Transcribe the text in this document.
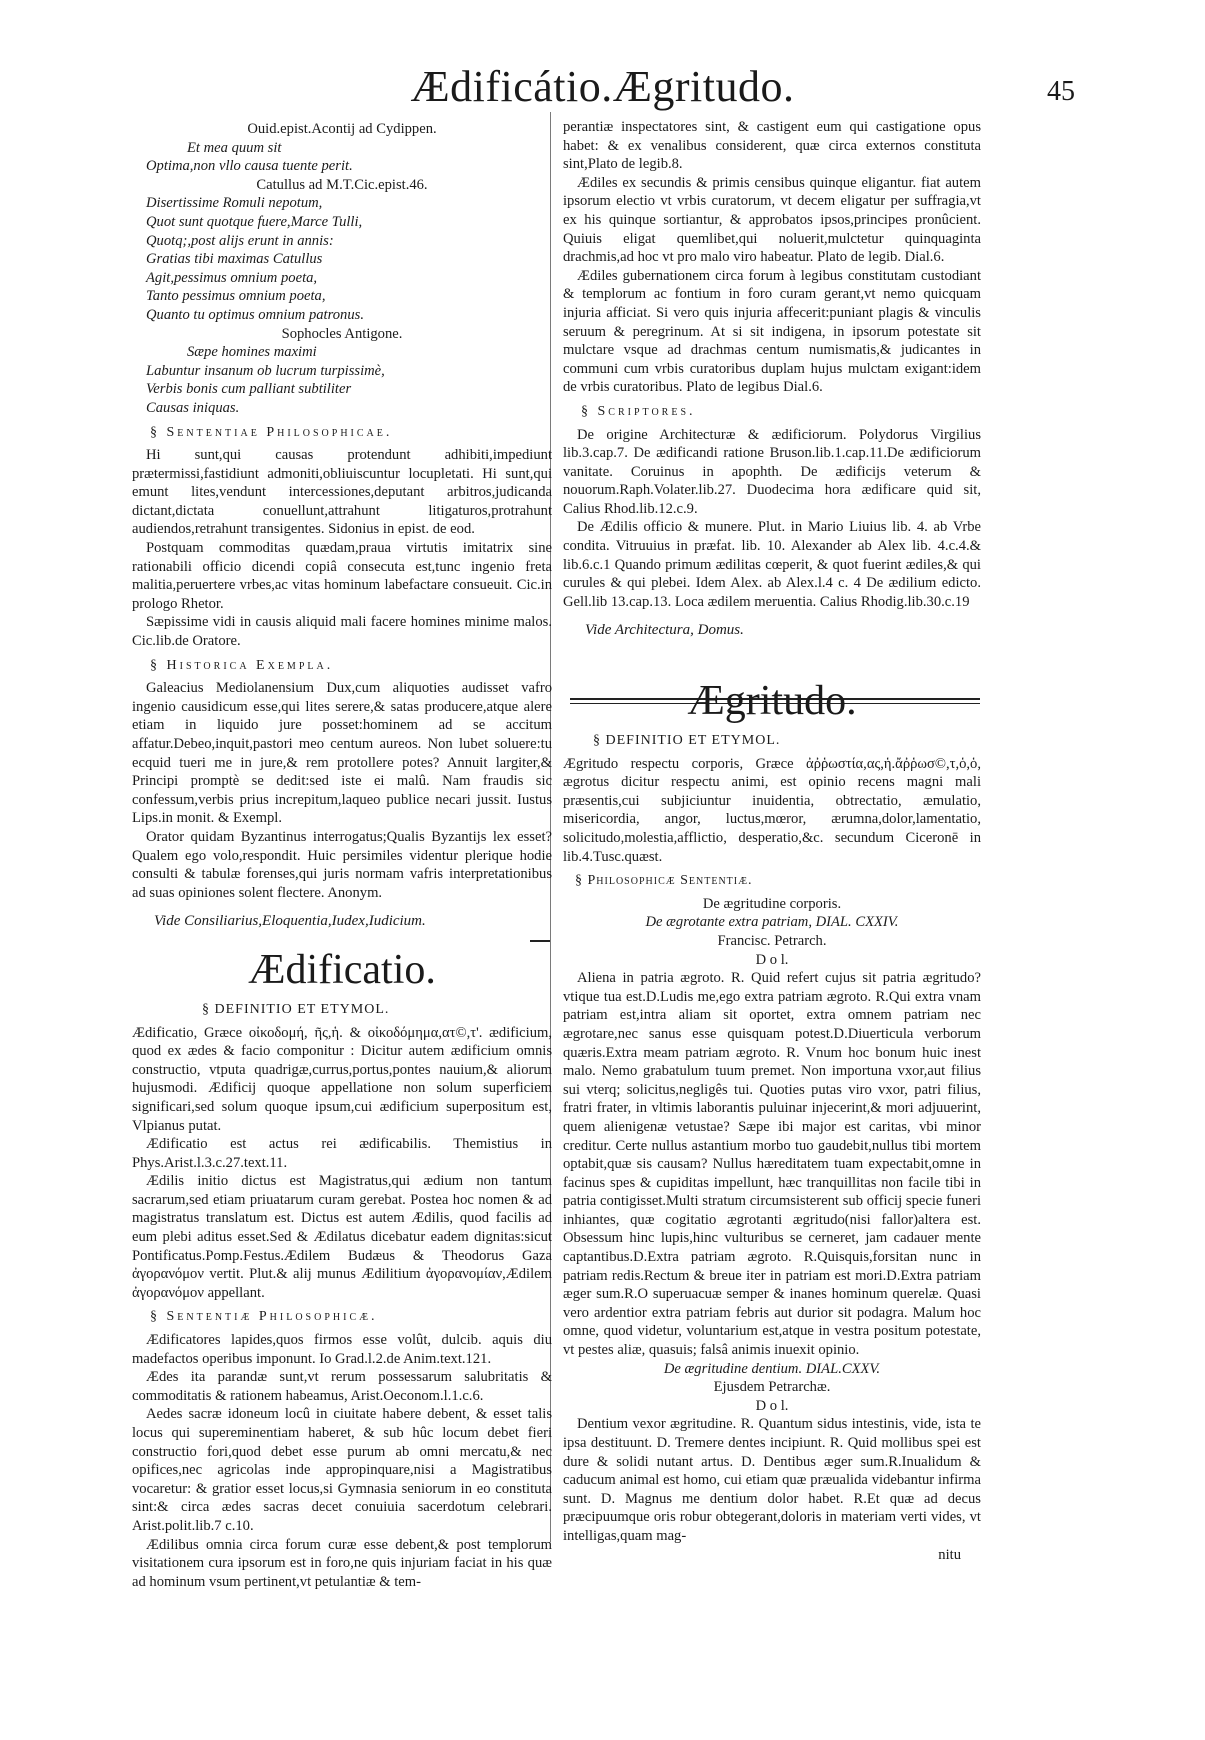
Ædificátio.Ægritudo.	45
Ouid.epist.Acontij ad Cydippen.
Et mea quum sit
Optima,non vllo causa tuente perit.
Catullus ad M.T.Cic.epist.46.
Disertissime Romuli nepotum,
Quot sunt quotque fuere,Marce Tulli,
Quotq;,post alijs erunt in annis:
Gratias tibi maximas Catullus
Agit,pessimus omnium poeta,
Tanto pessimus omnium poeta,
Quanto tu optimus omnium patronus.
Sophocles Antigone.
Sæpe homines maximi
Labuntur insanum ob lucrum turpissimè,
Verbis bonis cum palliant subtiliter
Causas iniquas.
§ Sententiae Philosophicae.

Hi sunt,qui causas protendunt adhibiti,impediunt prætermissi,fastidiunt admoniti,obliuiscuntur locupletati. Hi sunt,qui emunt lites,vendunt intercessiones,deputant arbitros,judicanda dictant,dictata conuellunt,attrahunt litigaturos,protrahunt audiendos,retrahunt transigentes. Sidonius in epist. de eod.

Postquam commoditas quædam,praua virtutis imitatrix sine rationabili officio dicendi copiâ consecuta est,tunc ingenio freta malitia,peruertere vrbes,ac vitas hominum labefactare consueuit. Cic.in prologo Rhetor.

Sæpissime vidi in causis aliquid mali facere homines minime malos. Cic.lib.de Oratore.

§ Historica Exempla.

Galeacius Mediolanensium Dux,cum aliquoties audisset vafro ingenio causidicum esse,qui lites serere,& satas producere,atque alere etiam in liquido jure posset:hominem ad se accitum affatur.Debeo,inquit,pastori meo centum aureos. Non lubet soluere:tu ecquid tueri me in jure,& rem protollere potes? Annuit largiter,& Principi promptè se dedit:sed iste ei malû. Nam fraudis sic confessum,verbis prius increpitum,laqueo publice necari jussit. Iustus Lips.in monit. & Exempl.

Orator quidam Byzantinus interrogatus;Qualis Byzantijs lex esset?Qualem ego volo,respondit. Huic persimiles videntur plerique hodie consulti & tabulæ forenses,qui juris normam vafris interpretationibus ad suas opiniones solent flectere. Anonym.

Vide Consiliarius,Eloquentia,Iudex,Iudicium.
Ædificatio.
§ DEFINITIO ET ETYMOL.

Ædificatio, Græce οἰκοδομή, ῆς,ἡ. & οἰκοδόμημα,ατ©,τ'. ædificium, quod ex ædes & facio componitur : Dicitur autem ædificium omnis constructio, vtputa quadrigæ,currus,portus,pontes nauium,& aliorum hujusmodi. Ædificij quoque appellatione non solum superficiem significari,sed solum quoque ipsum,cui ædificium superpositum est, Vlpianus putat.

Ædificatio est actus rei ædificabilis. Themistius in Phys.Arist.l.3.c.27.text.11.

Ædilis initio dictus est Magistratus,qui ædium non tantum sacrarum,sed etiam priuatarum curam gerebat. Postea hoc nomen & ad magistratus translatum est. Dictus est autem Ædilis, quod facilis ad eum plebi aditus esset.Sed & Ædilatus dicebatur eadem dignitas:sicut Pontificatus.Pomp.Festus.Ædilem Budæus & Theodorus Gaza ἀγορανόμον vertit. Plut.& alij munus Ædilitium ἀγορανομίαν,Ædilem ἀγορανόμον appellant.

§ Sententiæ Philosophicæ.

Ædificatores lapides,quos firmos esse volût, dulcib. aquis diu madefactos operibus imponunt. Io Grad.l.2.de Anim.text.121.

Ædes ita parandæ sunt,vt rerum possessarum salubritatis & commoditatis & rationem habeamus, Arist.Oeconom.l.1.c.6.

Aedes sacræ idoneum locû in ciuitate habere debent, & esset talis locus qui supereminentiam haberet, & sub hûc locum debet fieri constructio fori,quod debet esse purum ab omni mercatu,& nec opifices,nec agricolas inde appropinquare,nisi a Magistratibus vocaretur: & gratior esset locus,si Gymnasia seniorum in eo constituta sint:& circa ædes sacras decet conuiuia sacerdotum celebrari. Arist.polit.lib.7 c.10.

Ædilibus omnia circa forum curæ esse debent,& post templorum visitationem cura ipsorum est in foro,ne quis injuriam faciat in his quæ ad hominum vsum pertinent,vt petulantiæ & tem-

perantiæ inspectatores sint, & castigent eum qui castigatione opus habet: & ex venalibus considerent, quæ circa externos constituta sint,Plato de legib.8.

Ædiles ex secundis & primis censibus quinque eligantur. fiat autem ipsorum electio vt vrbis curatorum, vt decem eligatur per suffragia,vt ex his quinque sortiantur, & approbatos ipsos,principes pronûcient. Quiuis eligat quemlibet,qui noluerit,mulctetur quinquaginta drachmis,ad hoc vt pro malo viro habeatur. Plato de legib. Dial.6.

Ædiles gubernationem circa forum à legibus constitutam custodiant & templorum ac fontium in foro curam gerant,vt nemo quicquam injuria afficiat. Si vero quis injuria affecerit:puniant plagis & vinculis seruum & peregrinum. At si sit indigena, in ipsorum potestate sit mulctare vsque ad drachmas centum numismatis,& judicantes in communi cum vrbis curatoribus duplam hujus mulctam exigant:idem de vrbis curatoribus. Plato de legibus Dial.6.

§ Scriptores.

De origine Architecturæ & ædificiorum. Polydorus Virgilius lib.3.cap.7. De ædificandi ratione Bruson.lib.1.cap.11.De ædificiorum vanitate. Coruinus in apophth. De ædificijs veterum & nouorum.Raph.Volater.lib.27. Duodecima hora ædificare quid sit, Calius Rhod.lib.12.c.9.

De Ædilis officio & munere. Plut. in Mario Liuius lib. 4. ab Vrbe condita. Vitruuius in præfat. lib. 10. Alexander ab Alex lib. 4.c.4.& lib.6.c.1 Quando primum ædilitas cœperit, & quot fuerint ædiles,& qui curules & qui plebei. Idem Alex. ab Alex.l.4 c. 4 De ædilium edicto. Gell.lib 13.cap.13. Loca ædilem meruentia. Calius Rhodig.lib.30.c.19

Vide Architectura, Domus.
Ægritudo.
§ DEFINITIO ET ETYMOL.

Ægritudo respectu corporis, Græce ἀῤῥωστία,ας,ἡ.ἄῤῥωσ©,τ,ὁ,ὁ, ægrotus dicitur respectu animi, est opinio recens magni mali præsentis,cui subjiciuntur inuidentia, obtrectatio, æmulatio, misericordia, angor, luctus,mœror, ærumna,dolor,lamentatio, solicitudo,molestia,afflictio, desperatio,&c. secundum Ciceronē in lib.4.Tusc.quæst.

§ Philosophicæ Sententiæ.
De ægritudine corporis.
De ægrotante extra patriam, DIAL. CXXIV.
Francisc. Petrarch.
D o l.

Aliena in patria ægroto. R. Quid refert cujus sit patria ægritudo? vtique tua est.D.Ludis me,ego extra patriam ægroto. R.Qui extra vnam patriam est,intra aliam sit oportet, extra omnem patriam nec ægrotare,nec sanus esse quisquam potest.D.Diuerticula verborum quæris.Extra meam patriam ægroto. R. Vnum hoc bonum huic inest malo. Nemo grabatulum tuum premet. Non importuna vxor,aut filius sui vterq; solicitus,negligês tui. Quoties putas viro vxor, patri filius, fratri frater, in vltimis laborantis puluinar injecerint,& mori adjuuerint, quem alienigenæ vetustae? Sæpe ibi major est caritas, vbi minor creditur. Certe nullus astantium morbo tuo gaudebit,nullus tibi mortem optabit,quæ sis causam? Nullus hæreditatem tuam expectabit,omne in facinus spes & cupiditas impellunt, hæc tranquillitas non facile tibi in patria contigisset.Multi stratum circumsisterent sub officij specie funeri inhiantes, quæ cogitatio ægrotanti ægritudo(nisi fallor)altera est. Obsessum hinc lupis,hinc vulturibus se cerneret, jam cadauer mente captantibus.D.Extra patriam ægroto. R.Quisquis,forsitan nunc in patriam redis.Rectum & breue iter in patriam est mori.D.Extra patriam æger sum.R.O superuacuæ semper & inanes hominum querelæ. Quasi vero ardentior extra patriam febris aut durior sit podagra. Malum hoc omne, quod videtur, voluntarium est,atque in vestra positum potestate, vt pestes aliæ, quasuis; falsâ animis inuexit opinio.

De ægritudine dentium. DIAL.CXXV.
Ejusdem Petrarchæ.
D o l.

Dentium vexor ægritudine. R. Quantum sidus intestinis, vide, ista te ipsa destituunt. D. Tremere dentes incipiunt. R. Quid mollibus spei est dure & solidi nutant artus. D. Dentibus æger sum.R.Inualidum & caducum animal est homo, cui etiam quæ præualida videbantur infirma sunt. D. Magnus me dentium dolor habet. R.Et quæ ad decus præcipuumque oris robur obtegerant,doloris in materiam verti vides, vt intelligas,quam mag-

nitu
